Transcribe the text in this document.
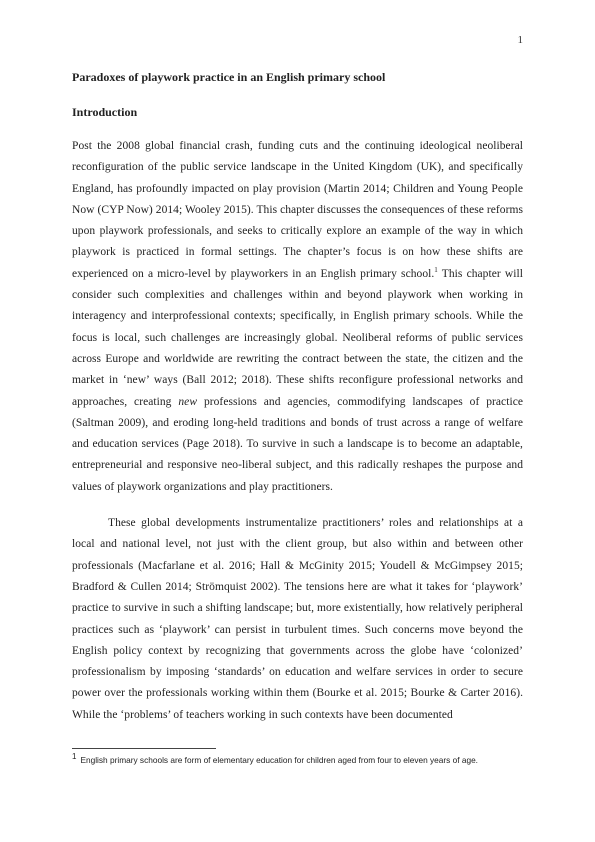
1
Paradoxes of playwork practice in an English primary school
Introduction

Post the 2008 global financial crash, funding cuts and the continuing ideological neoliberal reconfiguration of the public service landscape in the United Kingdom (UK), and specifically England, has profoundly impacted on play provision (Martin 2014; Children and Young People Now (CYP Now) 2014; Wooley 2015). This chapter discusses the consequences of these reforms upon playwork professionals, and seeks to critically explore an example of the way in which playwork is practiced in formal settings. The chapter’s focus is on how these shifts are experienced on a micro-level by playworkers in an English primary school.$^1$ This chapter will consider such complexities and challenges within and beyond playwork when working in interagency and interprofessional contexts; specifically, in English primary schools. While the focus is local, such challenges are increasingly global. Neoliberal reforms of public services across Europe and worldwide are rewriting the contract between the state, the citizen and the market in ‘new’ ways (Ball 2012; 2018). These shifts reconfigure professional networks and approaches, creating new professions and agencies, commodifying landscapes of practice (Saltman 2009), and eroding long-held traditions and bonds of trust across a range of welfare and education services (Page 2018). To survive in such a landscape is to become an adaptable, entrepreneurial and responsive neo-liberal subject, and this radically reshapes the purpose and values of playwork organizations and play practitioners.

These global developments instrumentalize practitioners’ roles and relationships at a local and national level, not just with the client group, but also within and between other professionals (Macfarlane et al. 2016; Hall & McGinity 2015; Youdell & McGimpsey 2015; Bradford & Cullen 2014; Strömquist 2002). The tensions here are what it takes for ‘playwork’ practice to survive in such a shifting landscape; but, more existentially, how relatively peripheral practices such as ‘playwork’ can persist in turbulent times. Such concerns move beyond the English policy context by recognizing that governments across the globe have ‘colonized’ professionalism by imposing ‘standards’ on education and welfare services in order to secure power over the professionals working within them (Bourke et al. 2015; Bourke & Carter 2016). While the ‘problems’ of teachers working in such contexts have been documented

1 English primary schools are form of elementary education for children aged from four to eleven years of age.
